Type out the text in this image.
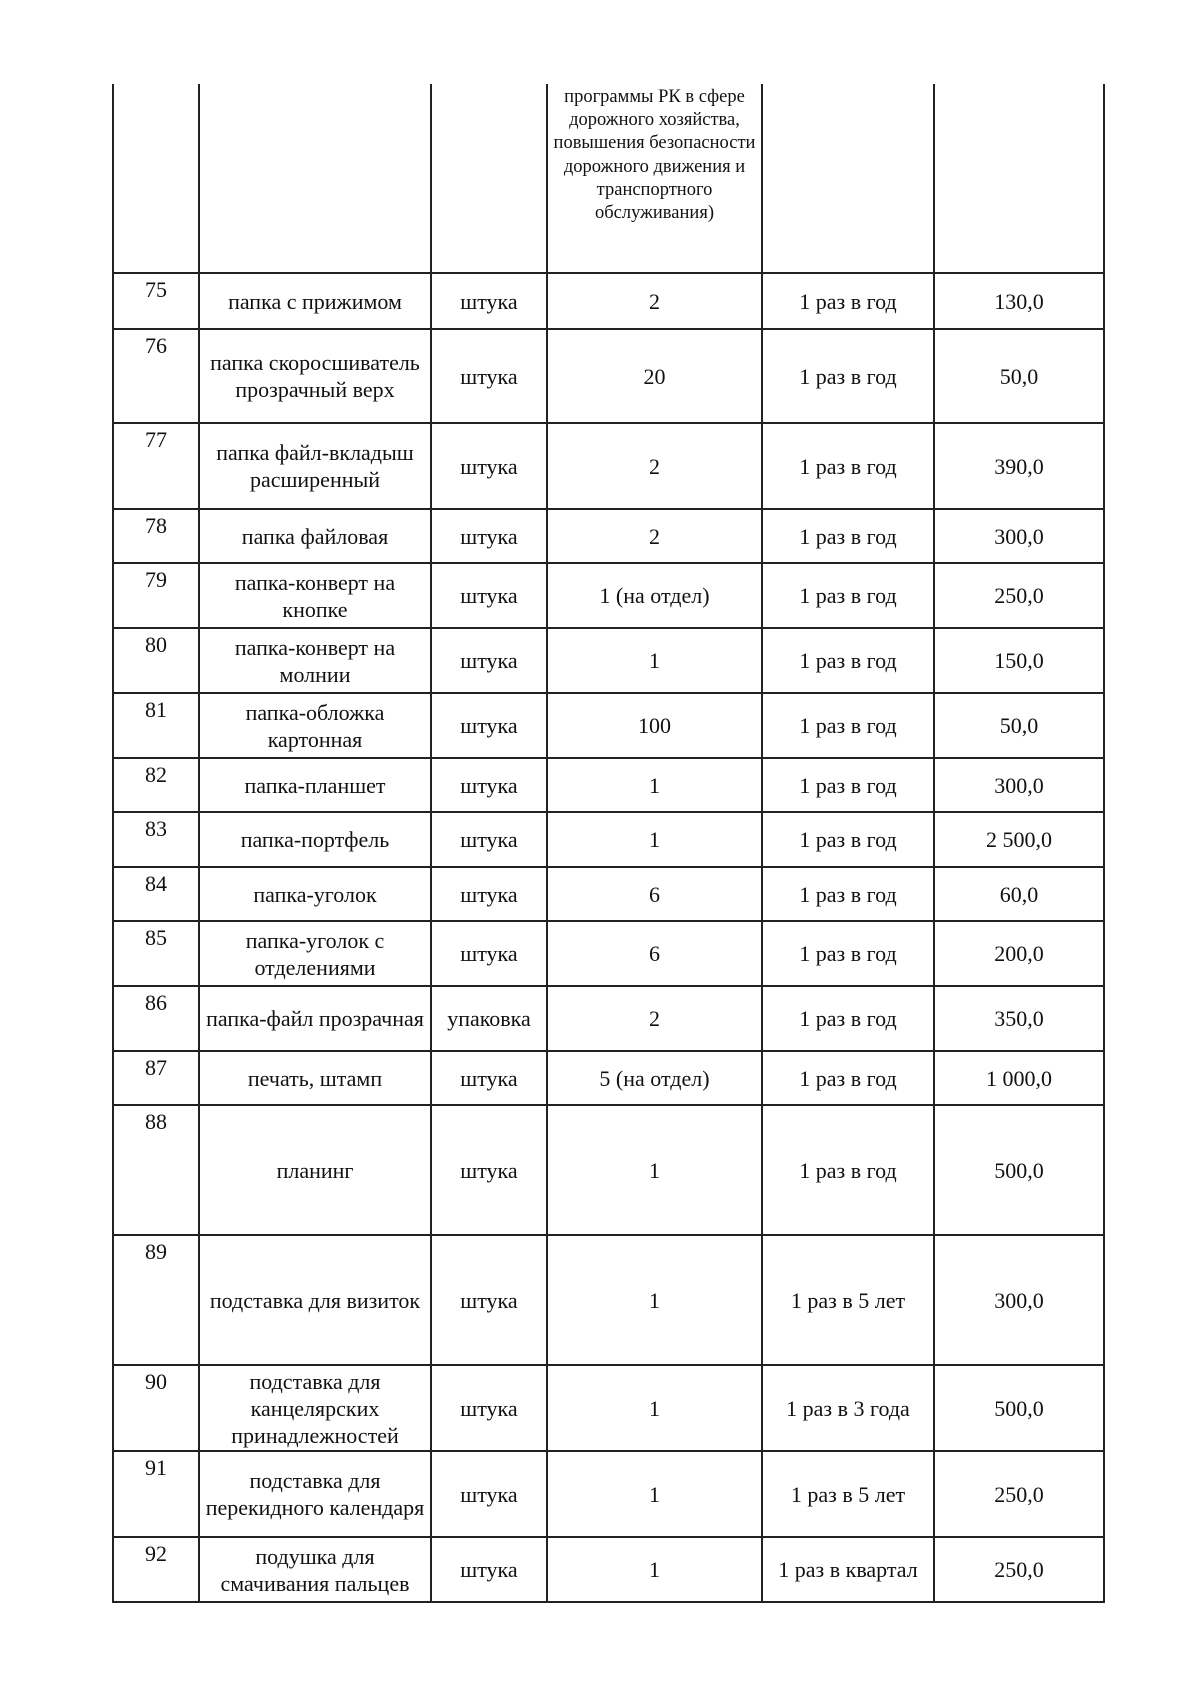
			программы РК в сфере дорожного хозяйства, повышения безопасности дорожного движения и транспортного обслуживания)		
75	папка с прижимом	штука	2	1 раз в год	130,0
76	папка скоросшиватель прозрачный верх	штука	20	1 раз в год	50,0
77	папка файл-вкладыш расширенный	штука	2	1 раз в год	390,0
78	папка файловая	штука	2	1 раз в год	300,0
79	папка-конверт на кнопке	штука	1 (на отдел)	1 раз в год	250,0
80	папка-конверт на молнии	штука	1	1 раз в год	150,0
81	папка-обложка картонная	штука	100	1 раз в год	50,0
82	папка-планшет	штука	1	1 раз в год	300,0
83	папка-портфель	штука	1	1 раз в год	2 500,0
84	папка-уголок	штука	6	1 раз в год	60,0
85	папка-уголок с отделениями	штука	6	1 раз в год	200,0
86	папка-файл прозрачная	упаковка	2	1 раз в год	350,0
87	печать, штамп	штука	5 (на отдел)	1 раз в год	1 000,0
88	планинг	штука	1	1 раз в год	500,0
89	подставка для визиток	штука	1	1 раз в 5 лет	300,0
90	подставка для канцелярских принадлежностей	штука	1	1 раз в 3 года	500,0
91	подставка для перекидного календаря	штука	1	1 раз в 5 лет	250,0
92	подушка для смачивания пальцев	штука	1	1 раз в квартал	250,0
